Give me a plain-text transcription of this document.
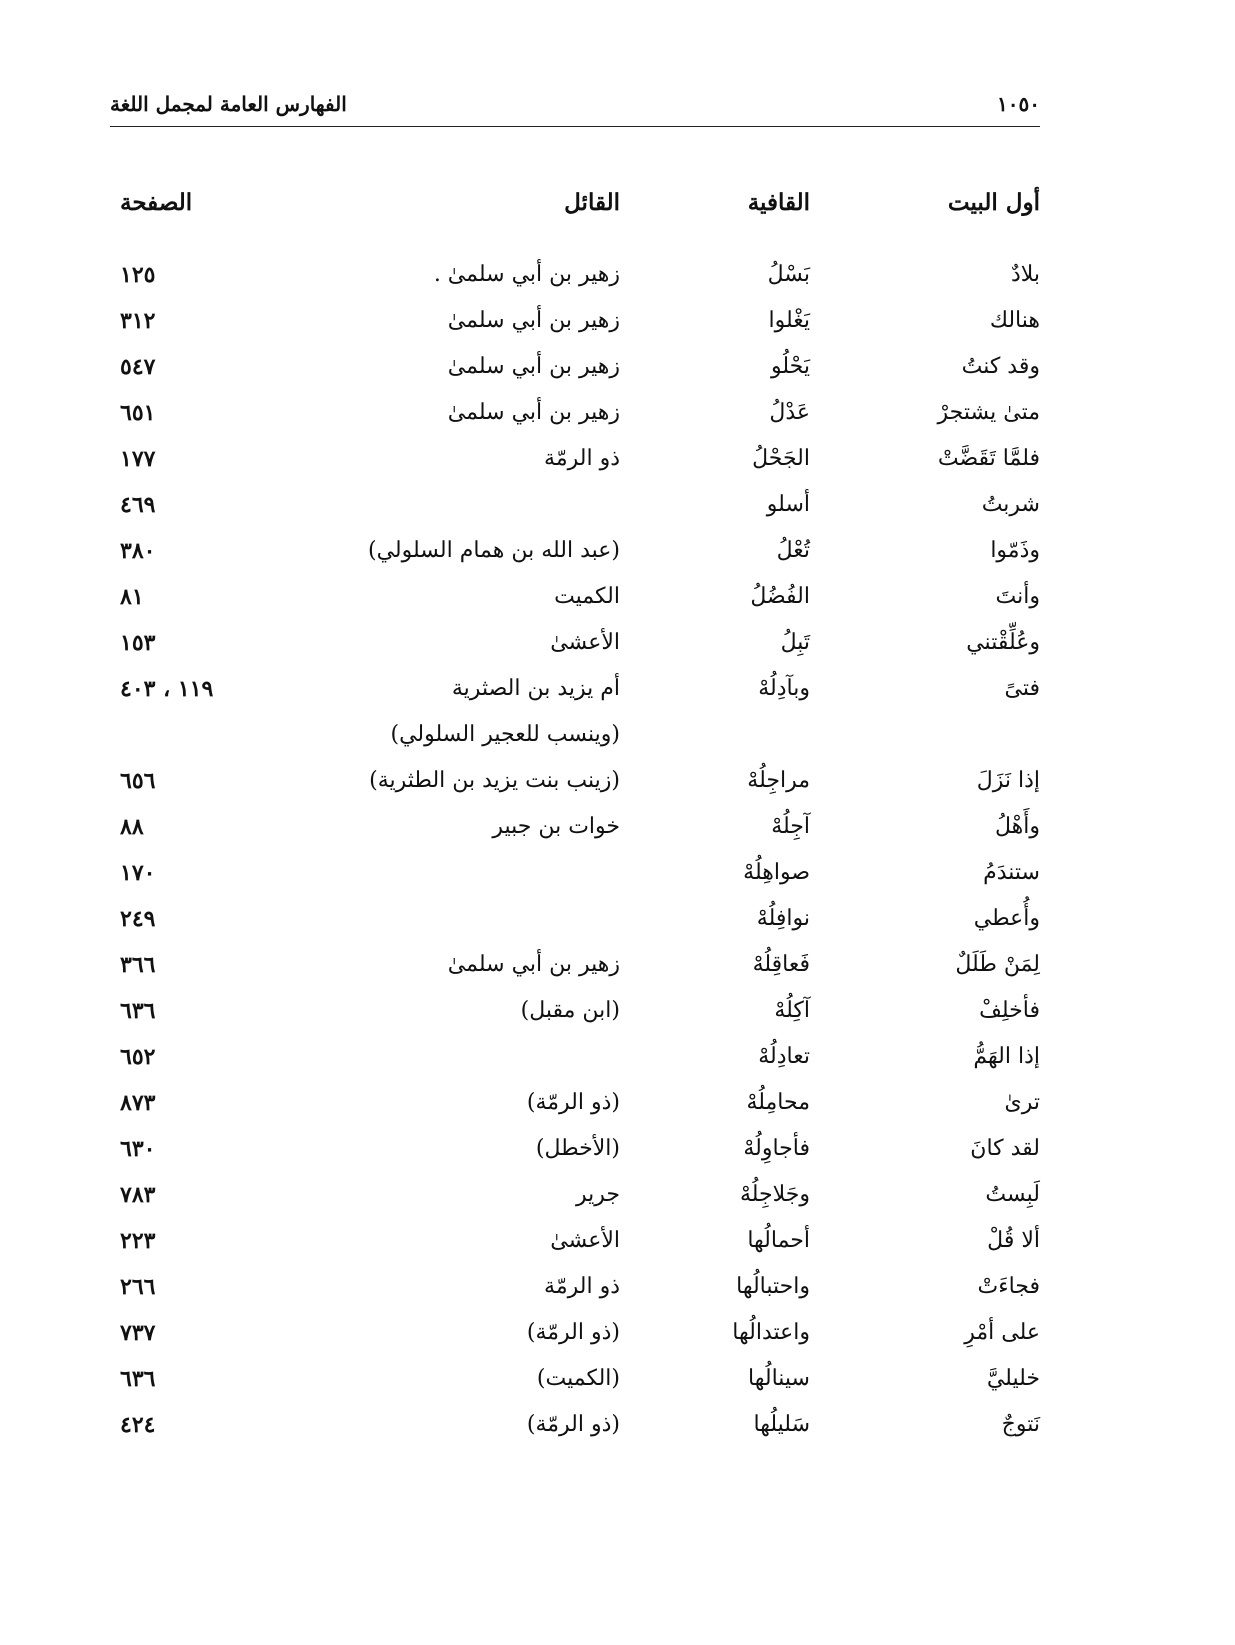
١٠٥٠
الفهارس العامة لمجمل اللغة
أول البيت
القافية
القائل
الصفحة
بلادٌ
بَسْلُ
زهير بن أبي سلمىٰ .
١٢٥
هنالك
يَغْلوا
زهير بن أبي سلمىٰ
٣١٢
وقد كنتُ
يَحْلُو
زهير بن أبي سلمىٰ
٥٤٧
متىٰ يشتجرْ
عَدْلُ
زهير بن أبي سلمىٰ
٦٥١
فلمَّا تَقَضَّتْ
الجَحْلُ
ذو الرمّة
١٧٧
شربتُ
أسلو
٤٦٩
وذَمّوا
تُعْلُ
(عبد الله بن همام السلولي)
٣٨٠
وأنتَ
الفُضُلُ
الكميت
٨١
وعُلِّقْتني
تَبِلُ
الأعشىٰ
١٥٣
فتىً
وبآدِلُهْ
أم يزيد بن الصثرية
١١٩ ، ٤٠٣
(وينسب للعجير السلولي)
إذا نَزَلَ
مراجِلُهْ
(زينب بنت يزيد بن الطثرية)
٦٥٦
وأَهْلُ
آجِلُهْ
خوات بن جبير
٨٨
ستندَمُ
صواهِلُهْ
١٧٠
وأُعطي
نوافِلُهْ
٢٤٩
لِمَنْ طَلَلٌ
فَعاقِلُهْ
زهير بن أبي سلمىٰ
٣٦٦
فأخلِفْ
آكِلُهْ
(ابن مقبل)
٦٣٦
إذا الهَمُّ
تعادِلُهْ
٦٥٢
ترىٰ
محامِلُهْ
(ذو الرمّة)
٨٧٣
لقد كانَ
فأجاوِلُهْ
(الأخطل)
٦٣٠
لَبِستُ
وجَلاجِلُهْ
جرير
٧٨٣
ألا قُلْ
أحمالُها
الأعشىٰ
٢٢٣
فجاءَتْ
واحتبالُها
ذو الرمّة
٢٦٦
على أمْرِ
واعتدالُها
(ذو الرمّة)
٧٣٧
خليليَّ
سينالُها
(الكميت)
٦٣٦
نَتوجٌ
سَليلُها
(ذو الرمّة)
٤٢٤
